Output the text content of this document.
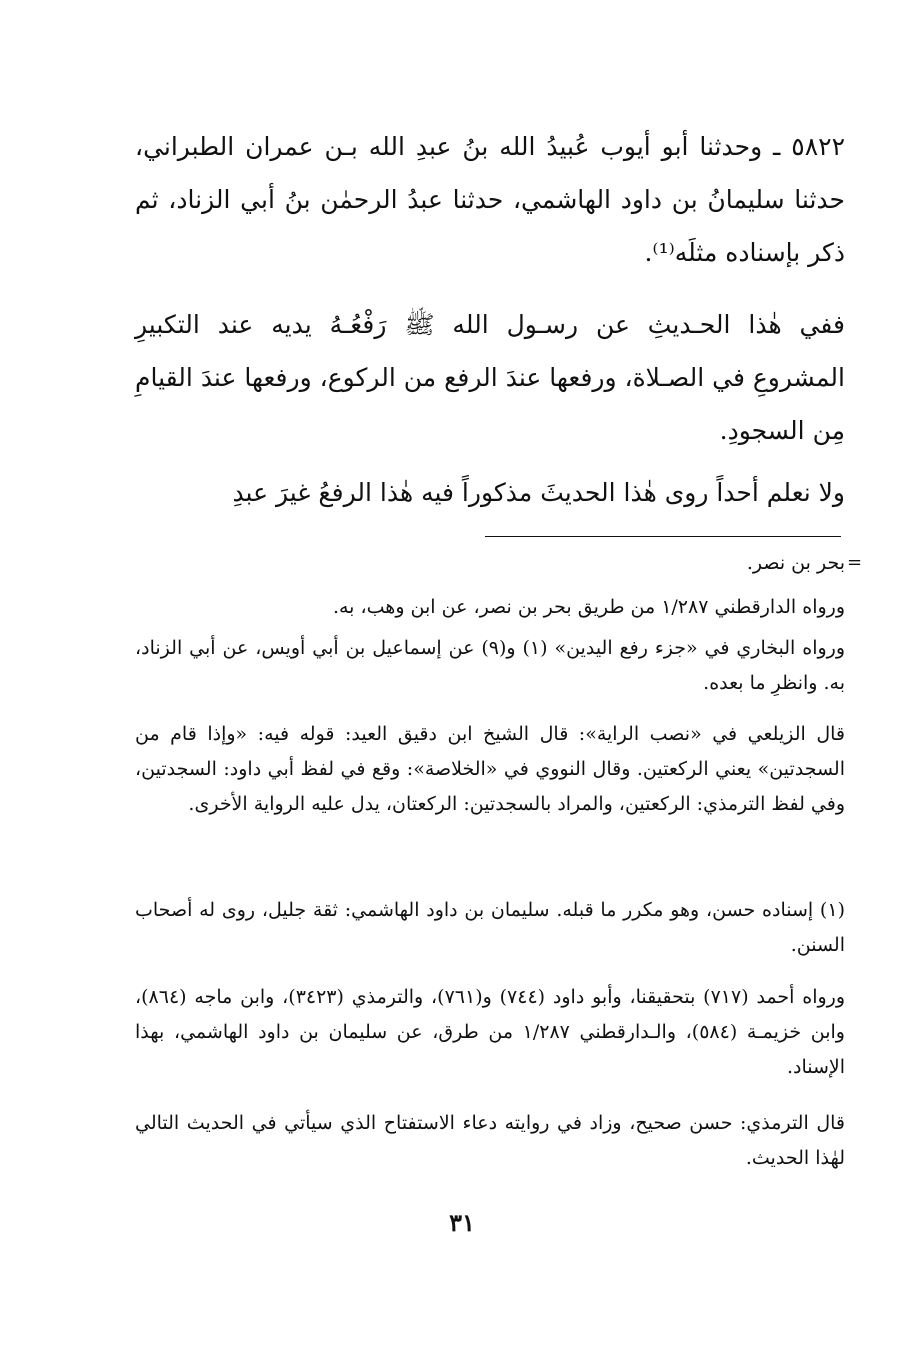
٥٨٢٢ ـ وحدثنا أبو أيوب عُبيدُ الله بنُ عبدِ الله بـن عمران الطبراني، حدثنا سليمانُ بن داود الهاشمي، حدثنا عبدُ الرحمٰن بنُ أبي الزناد، ثم ذكر بإسناده مثلَه⁽¹⁾.

ففي هٰذا الحـديثِ عن رسـول الله ﷺ رَفْعُـهُ يديه عند التكبيرِ المشروعِ في الصـلاة، ورفعها عندَ الرفع من الركوع، ورفعها عندَ القيامِ مِن السجودِ.

ولا نعلم أحداً روى هٰذا الحديثَ مذكوراً فيه هٰذا الرفعُ غيرَ عبدِ

=

بحر بن نصر.

ورواه الدارقطني ١/٢٨٧ من طريق بحر بن نصر، عن ابن وهب، به.

ورواه البخاري في «جزء رفع اليدين» (١) و(٩) عن إسماعيل بن أبي أويس، عن أبي الزناد، به. وانظرِ ما بعده.

قال الزيلعي في «نصب الراية»: قال الشيخ ابن دقيق العيد: قوله فيه: «وإذا قام من السجدتين» يعني الركعتين. وقال النووي في «الخلاصة»: وقع في لفظ أبي داود: السجدتين، وفي لفظ الترمذي: الركعتين، والمراد بالسجدتين: الركعتان، يدل عليه الرواية الأخرى.

(١) إسناده حسن، وهو مكرر ما قبله. سليمان بن داود الهاشمي: ثقة جليل، روى له أصحاب السنن.

ورواه أحمد (٧١٧) بتحقيقنا، وأبو داود (٧٤٤) و(٧٦١)، والترمذي (٣٤٢٣)، وابن ماجه (٨٦٤)، وابن خزيمـة (٥٨٤)، والـدارقطني ١/٢٨٧ من طرق، عن سليمان بن داود الهاشمي، بهذا الإسناد.

قال الترمذي: حسن صحيح، وزاد في روايته دعاء الاستفتاح الذي سيأتي في الحديث التالي لهٰذا الحديث.

٣١
